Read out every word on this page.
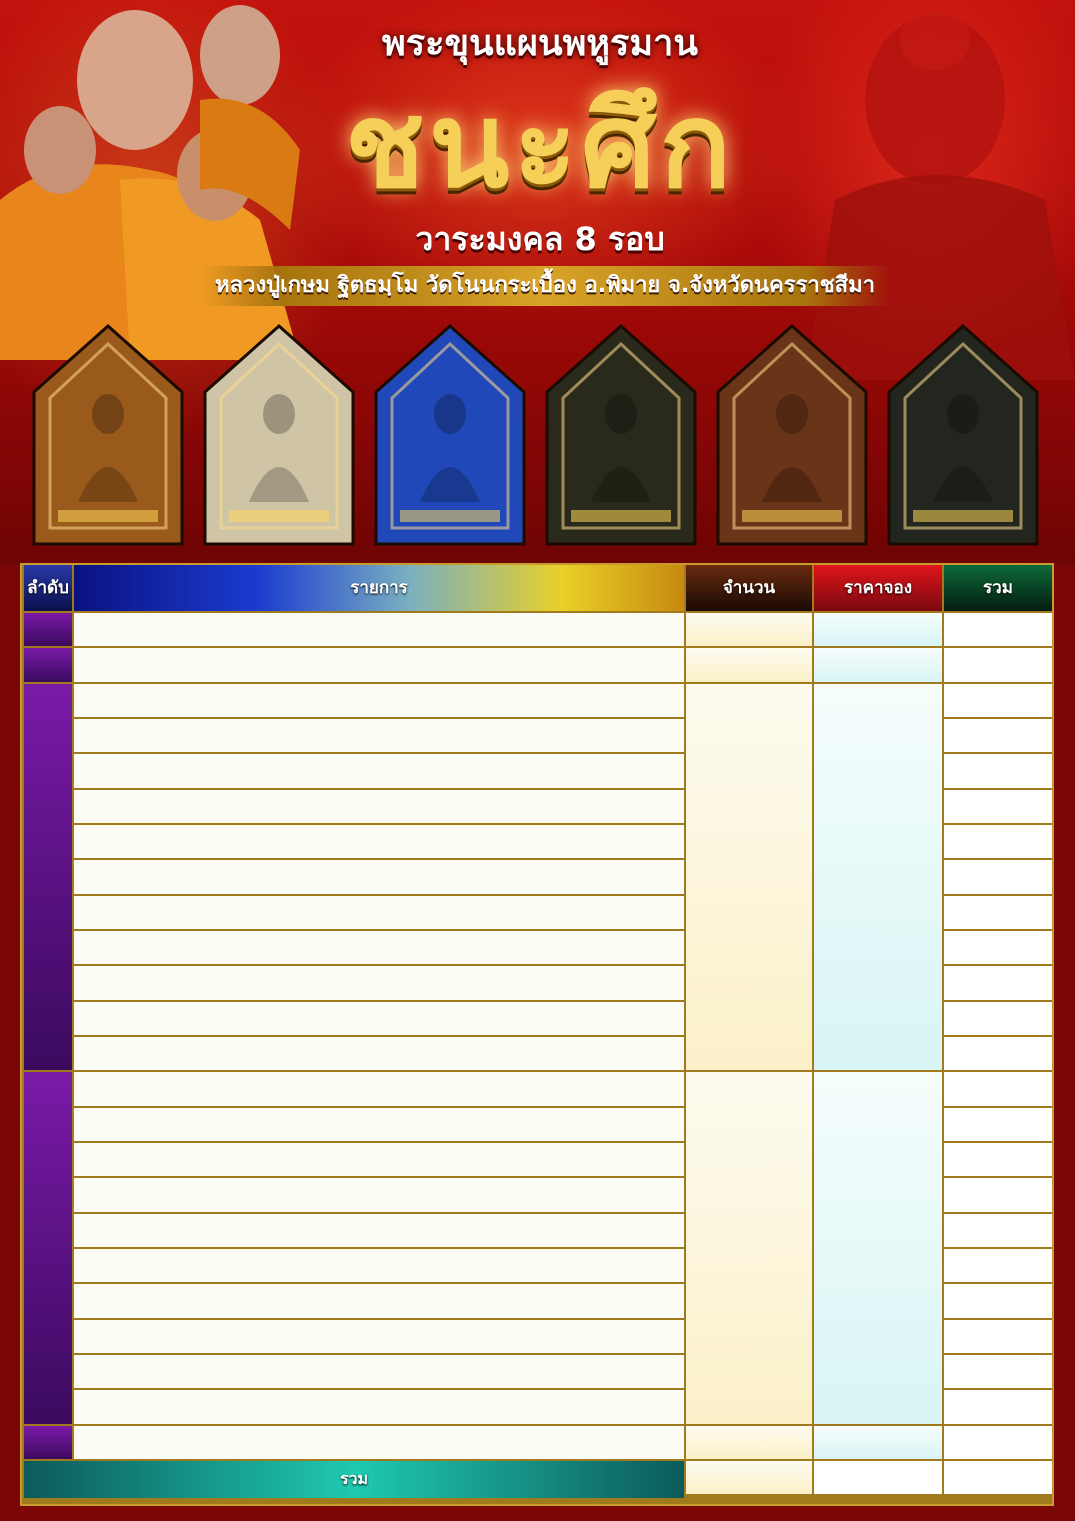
พระขุนแผนพหูรมาน
ชนะศึก
วาระมงคล 8 รอบ
หลวงปู่เกษม ฐิตธมฺโม วัดโนนกระเบื้อง อ.พิมาย จ.จังหวัดนครราชสีมา
ลำดับ	รายการ	จำนวน	ราคาจอง	รวม
รวม
